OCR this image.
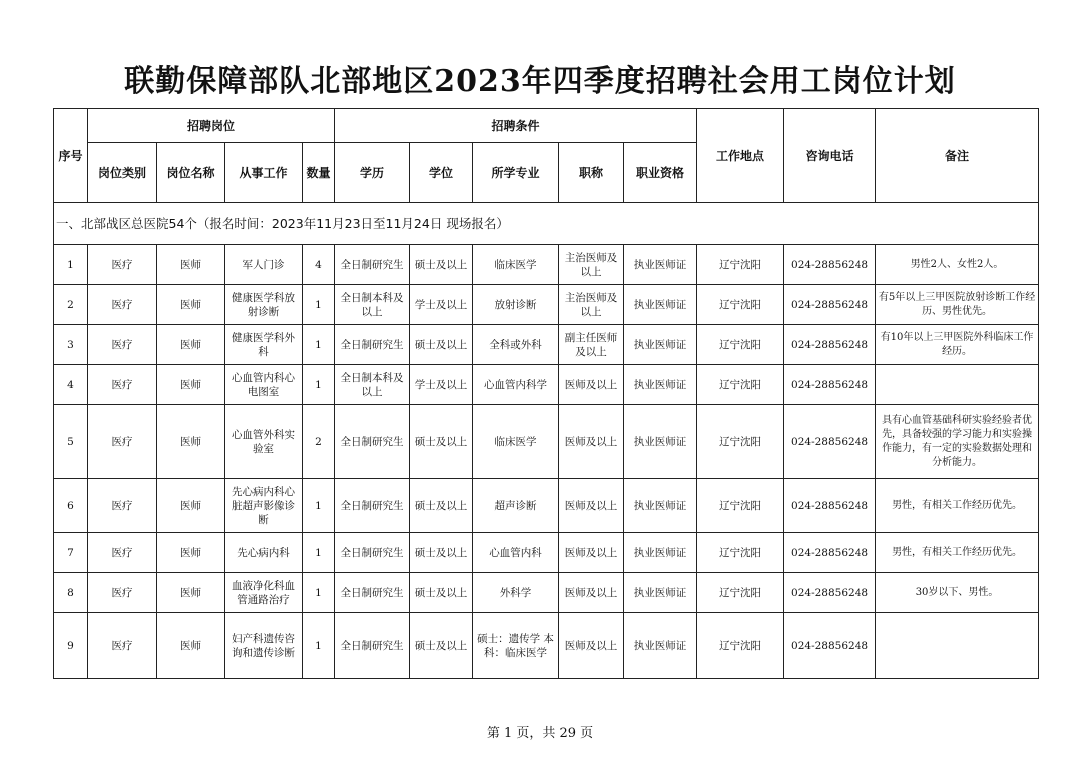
联勤保障部队北部地区2023年四季度招聘社会用工岗位计划
序号	招聘岗位				招聘条件					工作地点	咨询电话	备注
	岗位类别	岗位名称	从事工作	数量	学历	学位	所学专业	职称	职业资格			
一、北部战区总医院54个（报名时间：2023年11月23日至11月24日 现场报名）												
1	医疗	医师	军人门诊	4	全日制研究生	硕士及以上	临床医学	主治医师及以上	执业医师证	辽宁沈阳	024-28856248	男性2人、女性2人。
2	医疗	医师	健康医学科放射诊断	1	全日制本科及以上	学士及以上	放射诊断	主治医师及以上	执业医师证	辽宁沈阳	024-28856248	有5年以上三甲医院放射诊断工作经历、男性优先。
3	医疗	医师	健康医学科外科	1	全日制研究生	硕士及以上	全科或外科	副主任医师及以上	执业医师证	辽宁沈阳	024-28856248	有10年以上三甲医院外科临床工作经历。
4	医疗	医师	心血管内科心电图室	1	全日制本科及以上	学士及以上	心血管内科学	医师及以上	执业医师证	辽宁沈阳	024-28856248	
5	医疗	医师	心血管外科实验室	2	全日制研究生	硕士及以上	临床医学	医师及以上	执业医师证	辽宁沈阳	024-28856248	具有心血管基础科研实验经验者优先，具备较强的学习能力和实验操作能力，有一定的实验数据处理和分析能力。
6	医疗	医师	先心病内科心脏超声影像诊断	1	全日制研究生	硕士及以上	超声诊断	医师及以上	执业医师证	辽宁沈阳	024-28856248	男性，有相关工作经历优先。
7	医疗	医师	先心病内科	1	全日制研究生	硕士及以上	心血管内科	医师及以上	执业医师证	辽宁沈阳	024-28856248	男性，有相关工作经历优先。
8	医疗	医师	血液净化科血管通路治疗	1	全日制研究生	硕士及以上	外科学	医师及以上	执业医师证	辽宁沈阳	024-28856248	30岁以下、男性。
9	医疗	医师	妇产科遗传咨询和遗传诊断	1	全日制研究生	硕士及以上	硕士：遗传学 本科：临床医学	医师及以上	执业医师证	辽宁沈阳	024-28856248	
第 1 页，共 29 页
